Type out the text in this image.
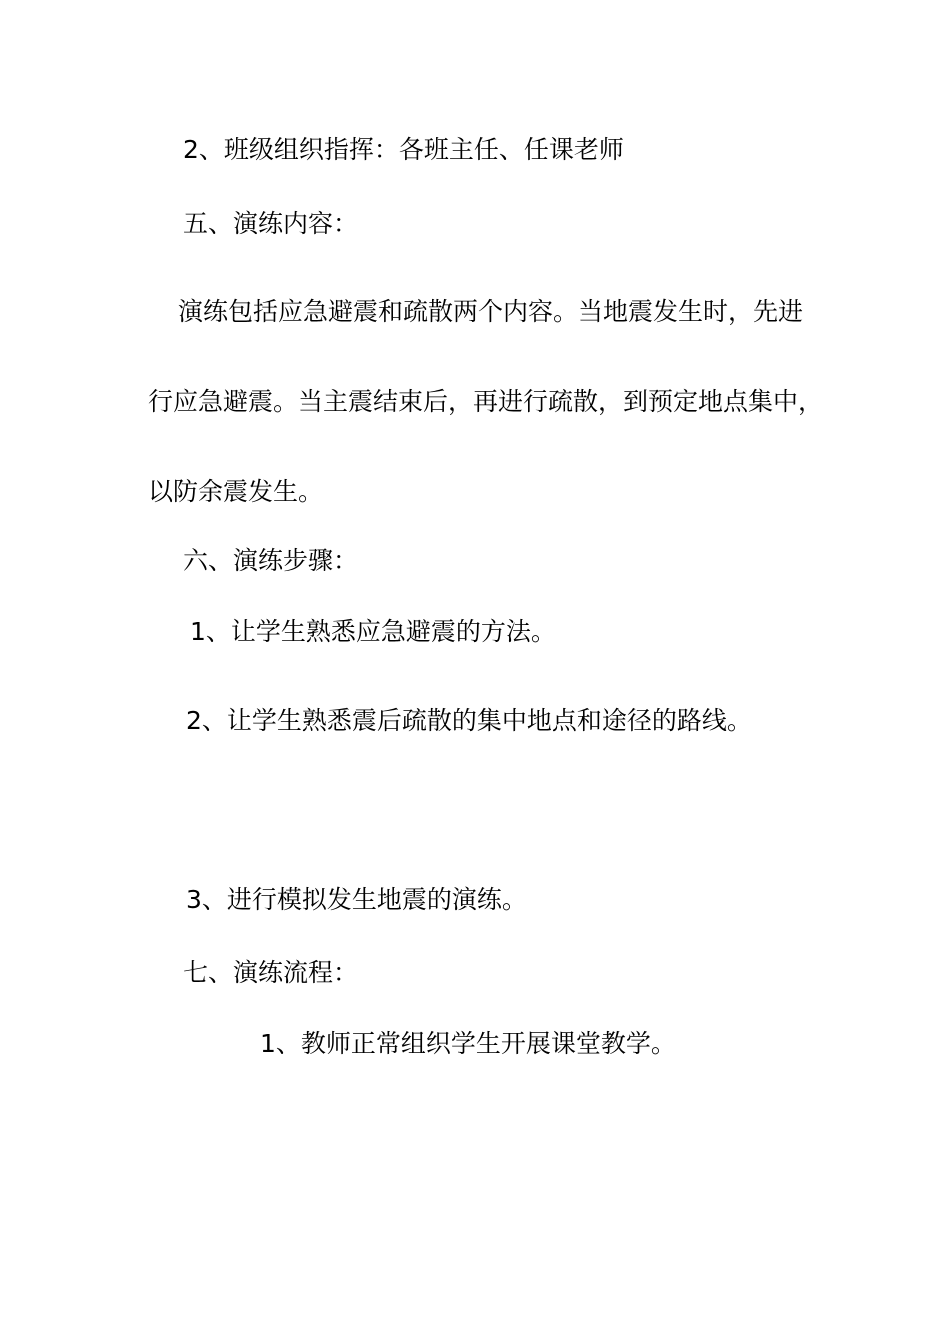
2、班级组织指挥：各班主任、任课老师
五、演练内容：
演练包括应急避震和疏散两个内容。当地震发生时，先进
行应急避震。当主震结束后，再进行疏散，到预定地点集中，
以防余震发生。
六、演练步骤：
1、让学生熟悉应急避震的方法。
2、让学生熟悉震后疏散的集中地点和途径的路线。
3、进行模拟发生地震的演练。
七、演练流程：
1、教师正常组织学生开展课堂教学。
